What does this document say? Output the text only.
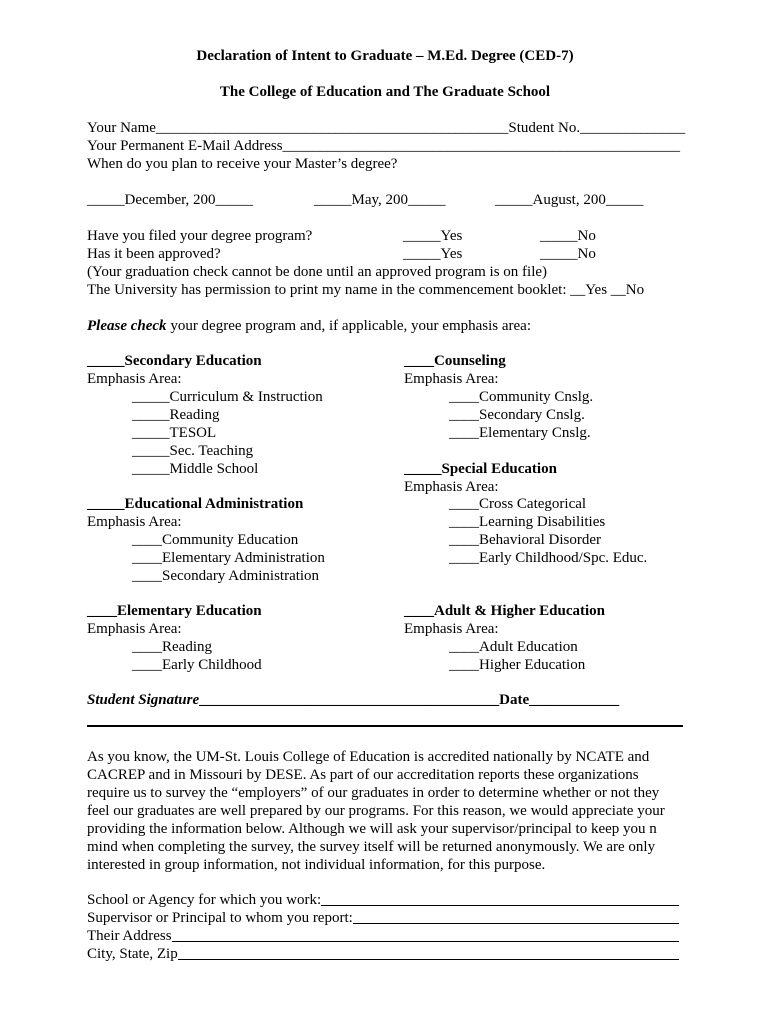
Declaration of Intent to Graduate – M.Ed. Degree (CED-7)
The College of Education and The Graduate School
Your Name_______________________________________________Student No.______________
Your Permanent E-Mail Address_____________________________________________________
When do you plan to receive your Master’s degree?
_____December, 200_____	_____May, 200_____	_____August, 200_____
Have you filed your degree program?	_____Yes	_____No
Has it been approved?	_____Yes	_____No
(Your graduation check cannot be done until an approved program is on file)
The University has permission to print my name in the commencement booklet: __Yes __No
Please check your degree program and, if applicable, your emphasis area:
_____Secondary Education
Emphasis Area:
_____Curriculum & Instruction
_____Reading
_____TESOL
_____Sec. Teaching
_____Middle School
_____Educational Administration
Emphasis Area:
____Community Education
____Elementary Administration
____Secondary Administration
____Elementary Education
Emphasis Area:
____Reading
____Early Childhood
____Counseling
Emphasis Area:
____Community Cnslg.
____Secondary Cnslg.
____Elementary Cnslg.
_____Special Education
Emphasis Area:
____Cross Categorical
____Learning Disabilities
____Behavioral Disorder
____Early Childhood/Spc. Educ.
____Adult & Higher Education
Emphasis Area:
____Adult Education
____Higher Education
Student Signature________________________________________Date____________
As you know, the UM-St. Louis College of Education is accredited nationally by NCATE and
CACREP and in Missouri by DESE. As part of our accreditation reports these organizations
require us to survey the “employers” of our graduates in order to determine whether or not they
feel our graduates are well prepared by our programs. For this reason, we would appreciate your
providing the information below. Although we will ask your supervisor/principal to keep you n
mind when completing the survey, the survey itself will be returned anonymously. We are only
interested in group information, not individual information, for this purpose.
School or Agency for which you work:
Supervisor or Principal to whom you report:
Their Address
City, State, Zip
